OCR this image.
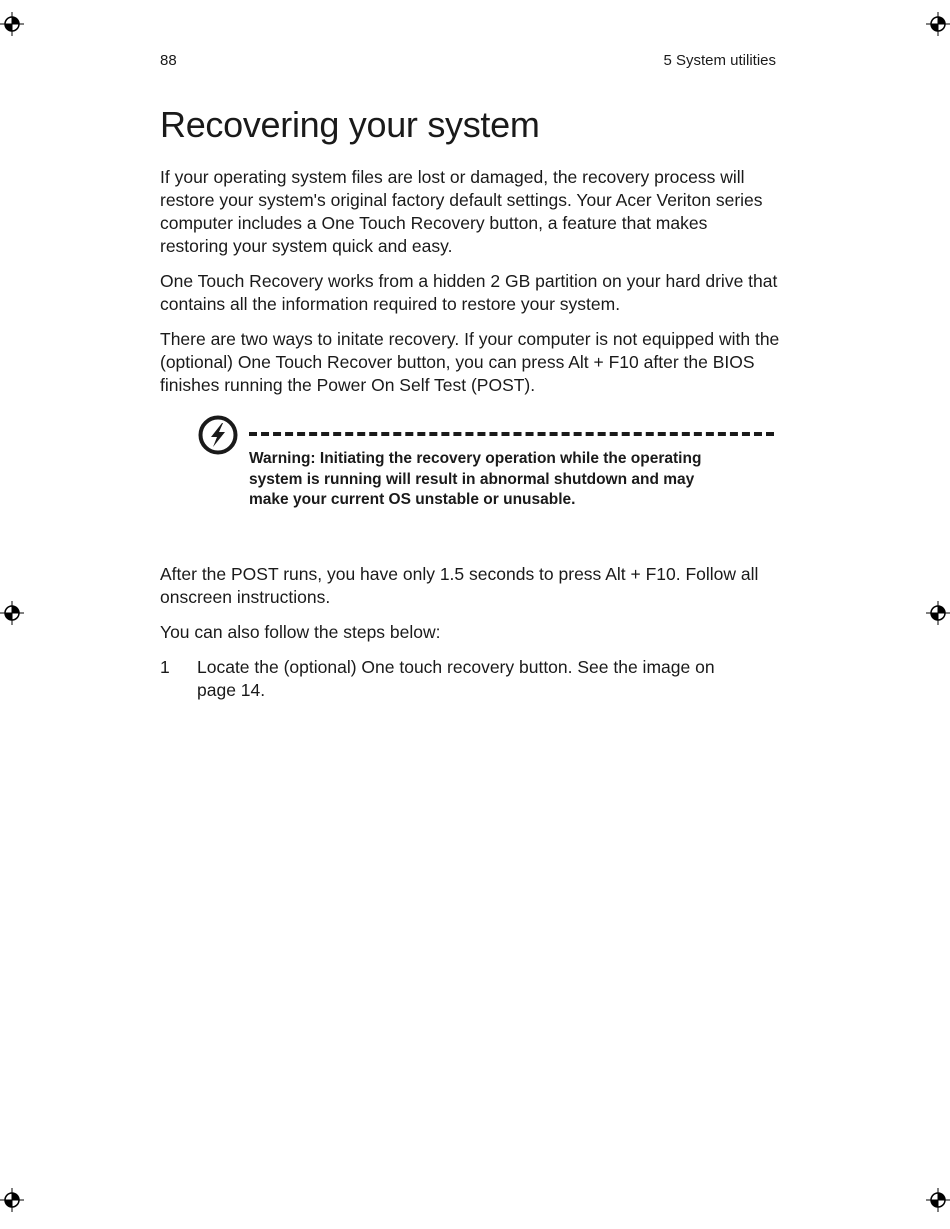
88	5 System utilities
Recovering your system

If your operating system files are lost or damaged, the recovery process will restore your system's original factory default settings. Your Acer Veriton series computer includes a One Touch Recovery button, a feature that makes restoring your system quick and easy.

One Touch Recovery works from a hidden 2 GB partition on your hard drive that contains all the information required to restore your system.

There are two ways to initate recovery. If your computer is not equipped with the (optional) One Touch Recover button, you can press Alt + F10 after the BIOS finishes running the Power On Self Test (POST).

Warning: Initiating the recovery operation while the operating system is running will result in abnormal shutdown and may make your current OS unstable or unusable.

After the POST runs, you have only 1.5 seconds to press Alt + F10. Follow all onscreen instructions.

You can also follow the steps below:

1	Locate the (optional) One touch recovery button. See the image on page 14.
